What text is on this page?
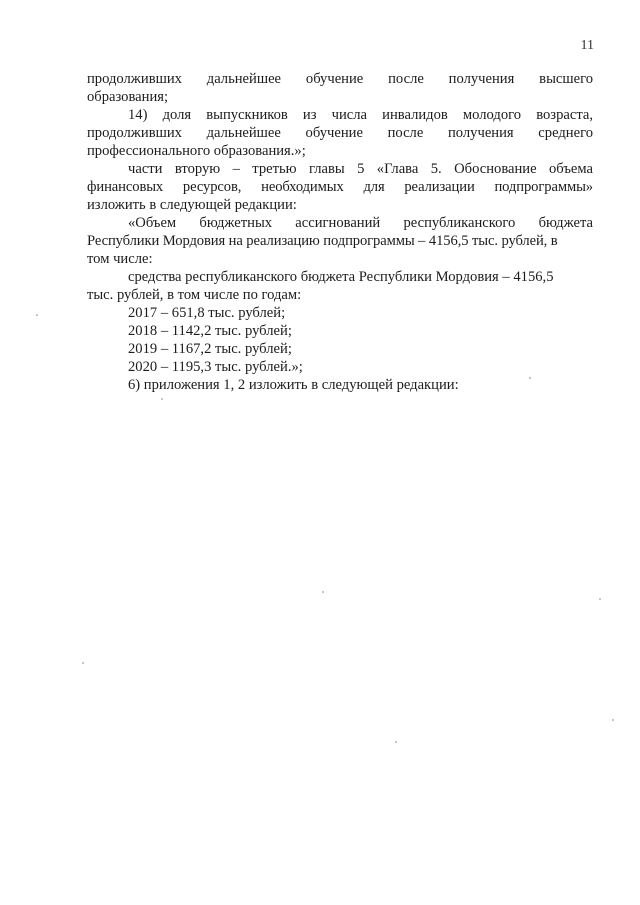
11
продолживших дальнейшее обучение после получения высшего
образования;
14) доля выпускников из числа инвалидов молодого возраста,
продолживших дальнейшее обучение после получения среднего
профессионального образования.»;
части вторую – третью главы 5 «Глава 5. Обоснование объема
финансовых ресурсов, необходимых для реализации подпрограммы»
изложить в следующей редакции:
«Объем бюджетных ассигнований республиканского бюджета
Республики Мордовия на реализацию подпрограммы – 4156,5 тыс. рублей, в
том числе:
средства республиканского бюджета Республики Мордовия – 4156,5
тыс. рублей, в том числе по годам:
2017 – 651,8 тыс. рублей;
2018 – 1142,2 тыс. рублей;
2019 – 1167,2 тыс. рублей;
2020 – 1195,3 тыс. рублей.»;
6) приложения 1, 2 изложить в следующей редакции:
